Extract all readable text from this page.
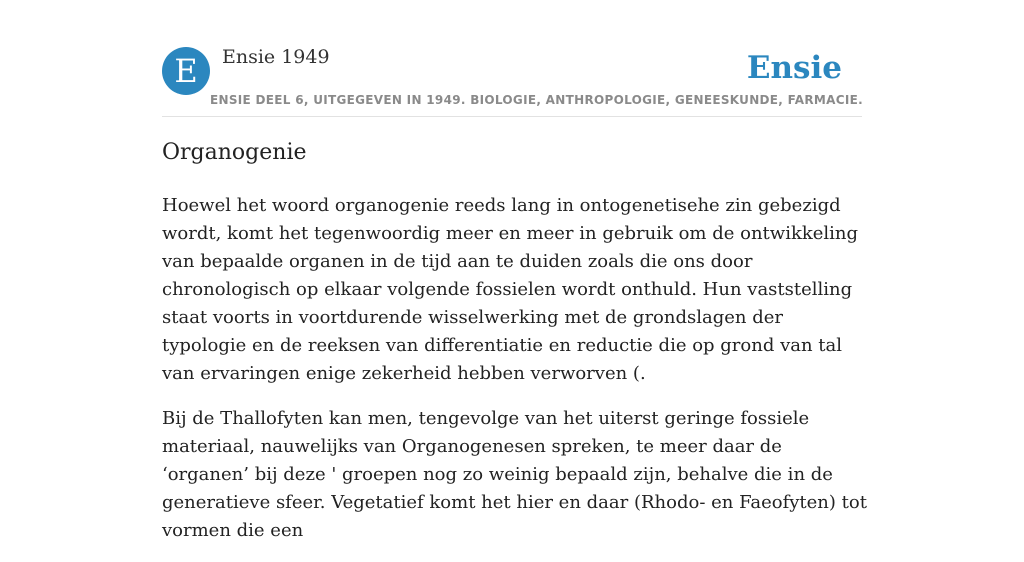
E	Ensie 1949	Ensie
ENSIE DEEL 6, UITGEGEVEN IN 1949. BIOLOGIE, ANTHROPOLOGIE, GENEESKUNDE, FARMACIE.
Organogenie

Hoewel het woord organogenie reeds lang in ontogenetisehe zin gebezigd wordt, komt het tegenwoordig meer en meer in gebruik om de ontwikkeling van bepaalde organen in de tijd aan te duiden zoals die ons door chronologisch op elkaar volgende fossielen wordt onthuld. Hun vaststelling staat voorts in voortdurende wisselwerking met de grondslagen der typologie en de reeksen van differentiatie en reductie die op grond van tal van ervaringen enige zekerheid hebben verworven (.

Bij de Thallofyten kan men, tengevolge van het uiterst geringe fossiele materiaal, nauwelijks van Organogenesen spreken, te meer daar de ‘organen’ bij deze ' groepen nog zo weinig bepaald zijn, behalve die in de generatieve sfeer. Vegetatief komt het hier en daar (Rhodo- en Faeofyten) tot vormen die een
